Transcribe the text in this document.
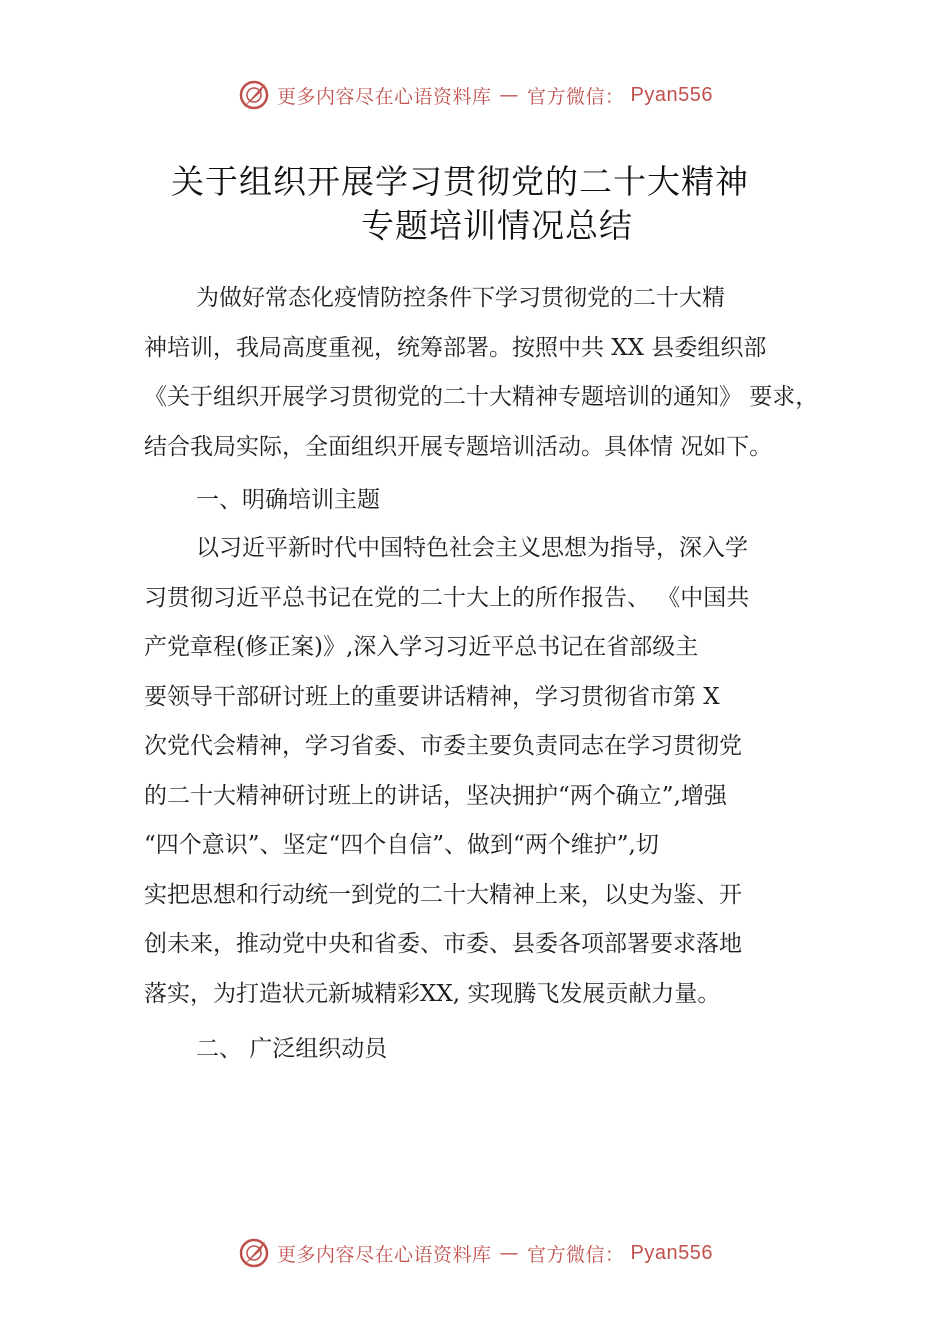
更多内容尽在心语资料库 — 官方微信： Pyan556
关于组织开展学习贯彻党的二十大精神
专题培训情况总结
为做好常态化疫情防控条件下学习贯彻党的二十大精
神培训，我局高度重视，统筹部署。按照中共 XX 县委组织部
《关于组织开展学习贯彻党的二十大精神专题培训的通知》 要求，
结合我局实际，全面组织开展专题培训活动。具体情 况如下。
一、明确培训主题
以习近平新时代中国特色社会主义思想为指导，深入学
习贯彻习近平总书记在党的二十大上的所作报告、 《中国共
产党章程(修正案)》,深入学习习近平总书记在省部级主
要领导干部研讨班上的重要讲话精神，学习贯彻省市第 X
次党代会精神，学习省委、市委主要负责同志在学习贯彻党
的二十大精神研讨班上的讲话，坚决拥护“两个确立”,增强
“四个意识”、坚定“四个自信”、做到“两个维护”,切
实把思想和行动统一到党的二十大精神上来，以史为鉴、开
创未来，推动党中央和省委、市委、县委各项部署要求落地
落实，为打造状元新城精彩XX, 实现腾飞发展贡献力量。
二、 广泛组织动员
更多内容尽在心语资料库 — 官方微信： Pyan556
